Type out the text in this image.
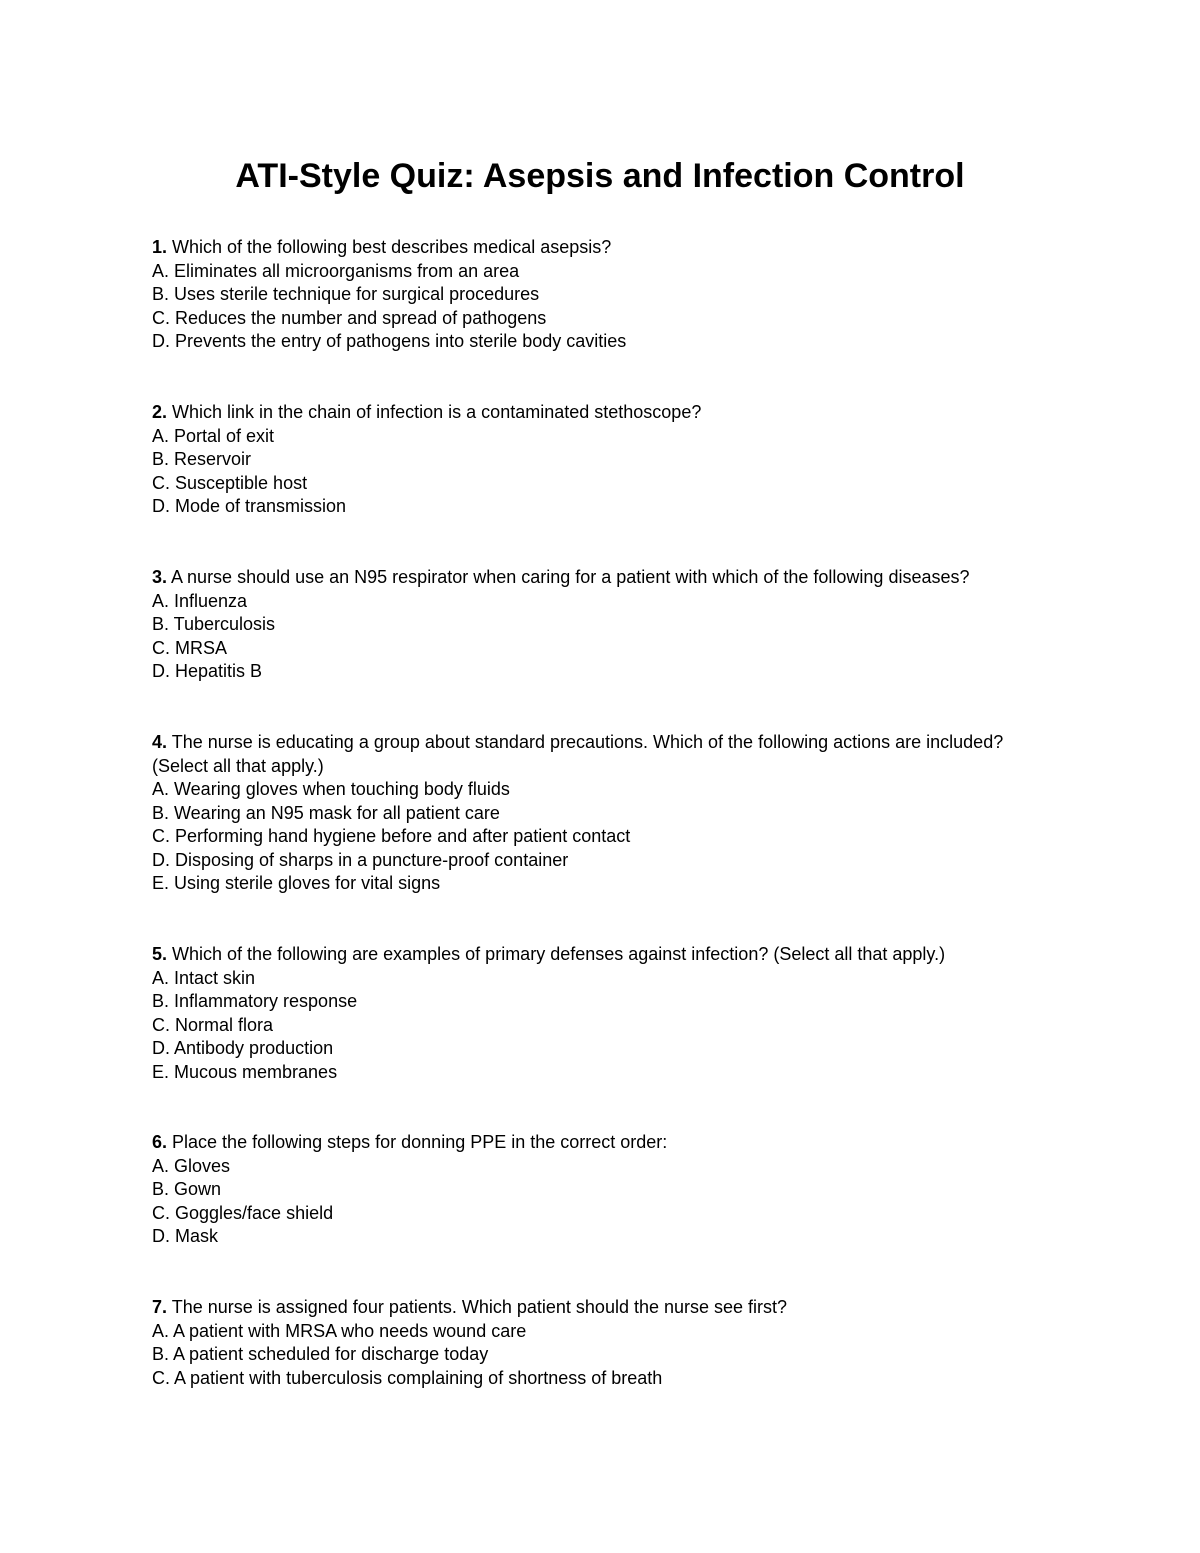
ATI-Style Quiz: Asepsis and Infection Control

1. Which of the following best describes medical asepsis?

A. Eliminates all microorganisms from an area

B. Uses sterile technique for surgical procedures

C. Reduces the number and spread of pathogens

D. Prevents the entry of pathogens into sterile body cavities

2. Which link in the chain of infection is a contaminated stethoscope?

A. Portal of exit

B. Reservoir

C. Susceptible host

D. Mode of transmission

3. A nurse should use an N95 respirator when caring for a patient with which of the following diseases?

A. Influenza

B. Tuberculosis

C. MRSA

D. Hepatitis B

4. The nurse is educating a group about standard precautions. Which of the following actions are included? (Select all that apply.)

A. Wearing gloves when touching body fluids

B. Wearing an N95 mask for all patient care

C. Performing hand hygiene before and after patient contact

D. Disposing of sharps in a puncture-proof container

E. Using sterile gloves for vital signs

5. Which of the following are examples of primary defenses against infection? (Select all that apply.)

A. Intact skin

B. Inflammatory response

C. Normal flora

D. Antibody production

E. Mucous membranes

6. Place the following steps for donning PPE in the correct order:

A. Gloves

B. Gown

C. Goggles/face shield

D. Mask

7. The nurse is assigned four patients. Which patient should the nurse see first?

A. A patient with MRSA who needs wound care

B. A patient scheduled for discharge today

C. A patient with tuberculosis complaining of shortness of breath
